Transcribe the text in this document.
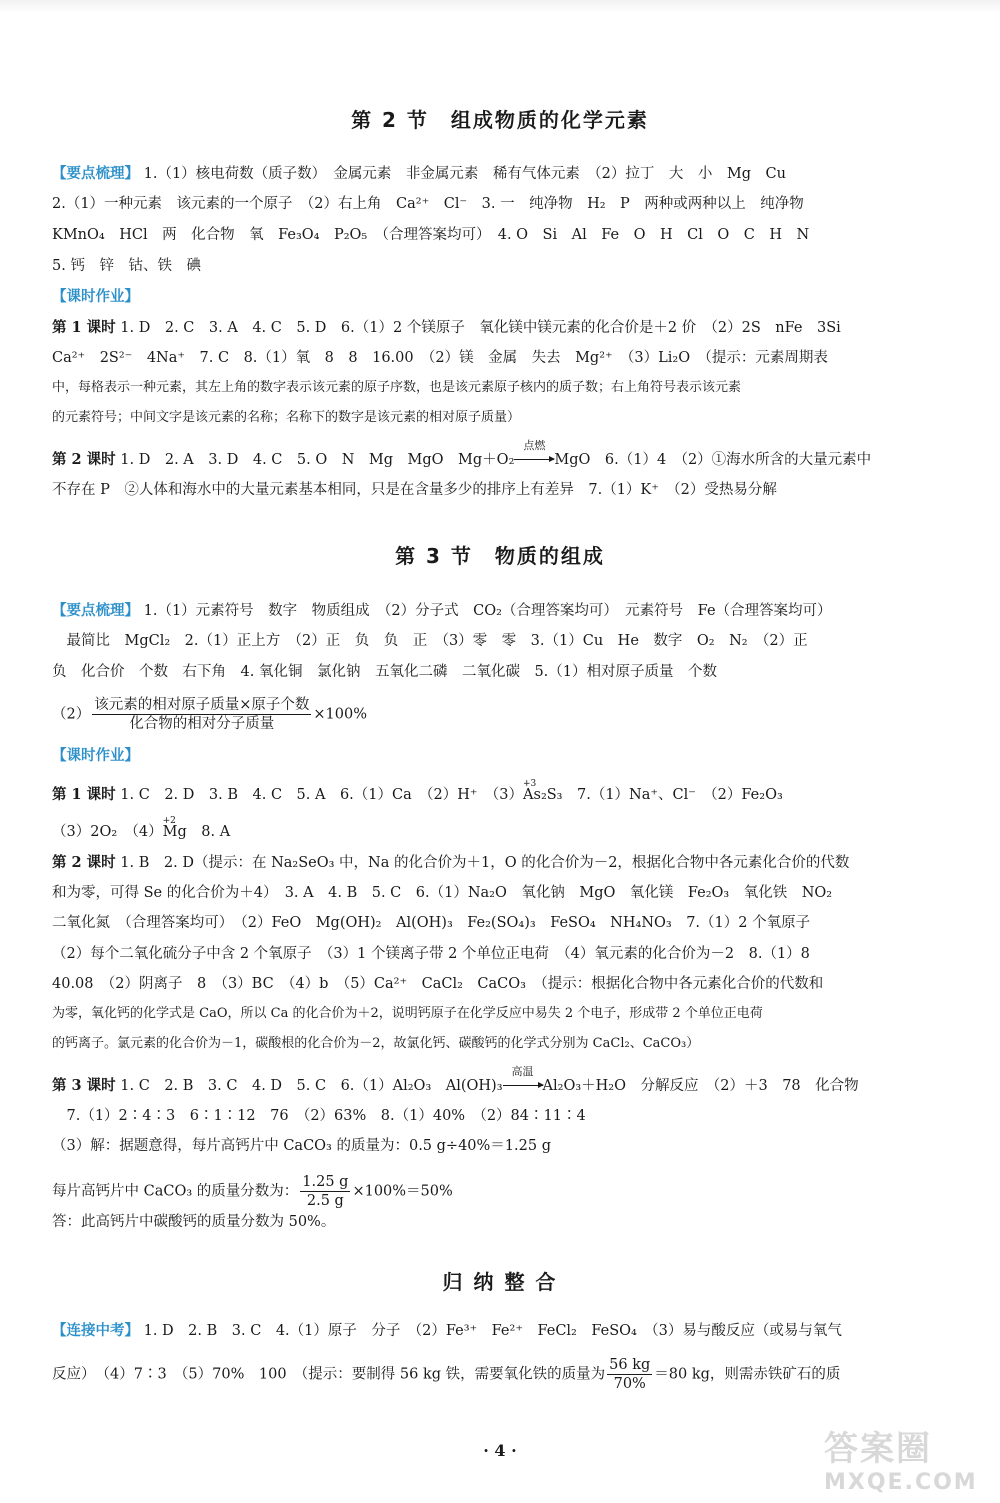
第 2 节　组成物质的化学元素
【要点梳理】 1.（1）核电荷数（质子数）　金属元素　非金属元素　稀有气体元素　（2）拉丁　大　小　Mg　Cu
2.（1）一种元素　该元素的一个原子　（2）右上角　Ca²⁺　Cl⁻　3. 一　纯净物　H₂　P　两种或两种以上　纯净物
KMnO₄　HCl　两　化合物　氧　Fe₃O₄　P₂O₅　（合理答案均可）　4. O　Si　Al　Fe　O　H　Cl　O　C　H　N
5. 钙　锌　钴、铁　碘
【课时作业】
第 1 课时 1. D　2. C　3. A　4. C　5. D　6.（1）2 个镁原子　氧化镁中镁元素的化合价是＋2 价　（2）2S　nFe　3Si
Ca²⁺　2S²⁻　4Na⁺　7. C　8.（1）氧　8　8　16.00　（2）镁　金属　失去　Mg²⁺　（3）Li₂O　（提示：元素周期表
中，每格表示一种元素，其左上角的数字表示该元素的原子序数，也是该元素原子核内的质子数；右上角符号表示该元素
的元素符号；中间文字是该元素的名称；名称下的数字是该元素的相对原子质量）
第 2 课时 1. D　2. A　3. D　4. C　5. O　N　Mg　MgO　Mg＋O₂
点燃
MgO　6.（1）4　（2）①海水所含的大量元素中
不存在 P　②人体和海水中的大量元素基本相同，只是在含量多少的排序上有差异　7.（1）K⁺　（2）受热易分解
第 3 节　物质的组成
【要点梳理】 1.（1）元素符号　数字　物质组成　（2）分子式　CO₂（合理答案均可）　元素符号　Fe（合理答案均可）
　最简比　MgCl₂　2.（1）正上方　（2）正　负　负　正　（3）零　零　3.（1）Cu　He　数字　O₂　N₂　（2）正
负　化合价　个数　右下角　4. 氧化铜　氯化钠　五氧化二磷　二氧化碳　5.（1）相对原子质量　个数
$(2) \frac{\text{该元素的相对原子质量×原子个数}}{\text{化合物的相对分子质量}} \times 100\%$
【课时作业】
第 1 课时 1. C　2. D　3. B　4. C　5. A　6.（1）Ca　（2）H⁺　（3）
+3
As₂S₃　7.（1）Na⁺、Cl⁻　（2）Fe₂O₃
（3）2O₂　（4）
+2
Mg　8. A
第 2 课时 1. B　2. D（提示：在 Na₂SeO₃ 中，Na 的化合价为＋1，O 的化合价为－2，根据化合物中各元素化合价的代数
和为零，可得 Se 的化合价为＋4）　3. A　4. B　5. C　6.（1）Na₂O　氧化钠　MgO　氧化镁　Fe₂O₃　氧化铁　NO₂
二氧化氮　（合理答案均可）　（2）FeO　Mg(OH)₂　Al(OH)₃　Fe₂(SO₄)₃　FeSO₄　NH₄NO₃　7.（1）2 个氧原子
（2）每个二氧化硫分子中含 2 个氧原子　（3）1 个镁离子带 2 个单位正电荷　（4）氧元素的化合价为－2　8.（1）8
40.08　（2）阴离子　8　（3）BC　（4）b　（5）Ca²⁺　CaCl₂　CaCO₃　（提示：根据化合物中各元素化合价的代数和
为零，氧化钙的化学式是 CaO，所以 Ca 的化合价为＋2，说明钙原子在化学反应中易失 2 个电子，形成带 2 个单位正电荷
的钙离子。氯元素的化合价为－1，碳酸根的化合价为－2，故氯化钙、碳酸钙的化学式分别为 CaCl₂、CaCO₃）
第 3 课时 1. C　2. B　3. C　4. D　5. C　6.（1）Al₂O₃　Al(OH)₃
高温
Al₂O₃＋H₂O　分解反应　（2）＋3　78　化合物
　7.（1）2∶4∶3　6∶1∶12　76　（2）63%　8.（1）40%　（2）84∶11∶4
（3）解：据题意得，每片高钙片中 CaCO₃ 的质量为：0.5 g÷40%＝1.25 g
每片高钙片中 CaCO₃ 的质量分数为： $\frac{1.25 g}{2.5 g} \times 100\%=50\%$
答：此高钙片中碳酸钙的质量分数为 50%。
归 纳 整 合
【连接中考】 1. D　2. B　3. C　4.（1）原子　分子　（2）Fe³⁺　Fe²⁺　FeCl₂　FeSO₄　（3）易与酸反应（或易与氧气
反应）　（4）7∶3　（5）70%　100　（提示：要制得 56 kg 铁，需要氧化铁的质量为 $\frac{56 kg}{70\%} =80$ kg，则需赤铁矿石的质
· 4 ·	答案圈
MXQE.COM
